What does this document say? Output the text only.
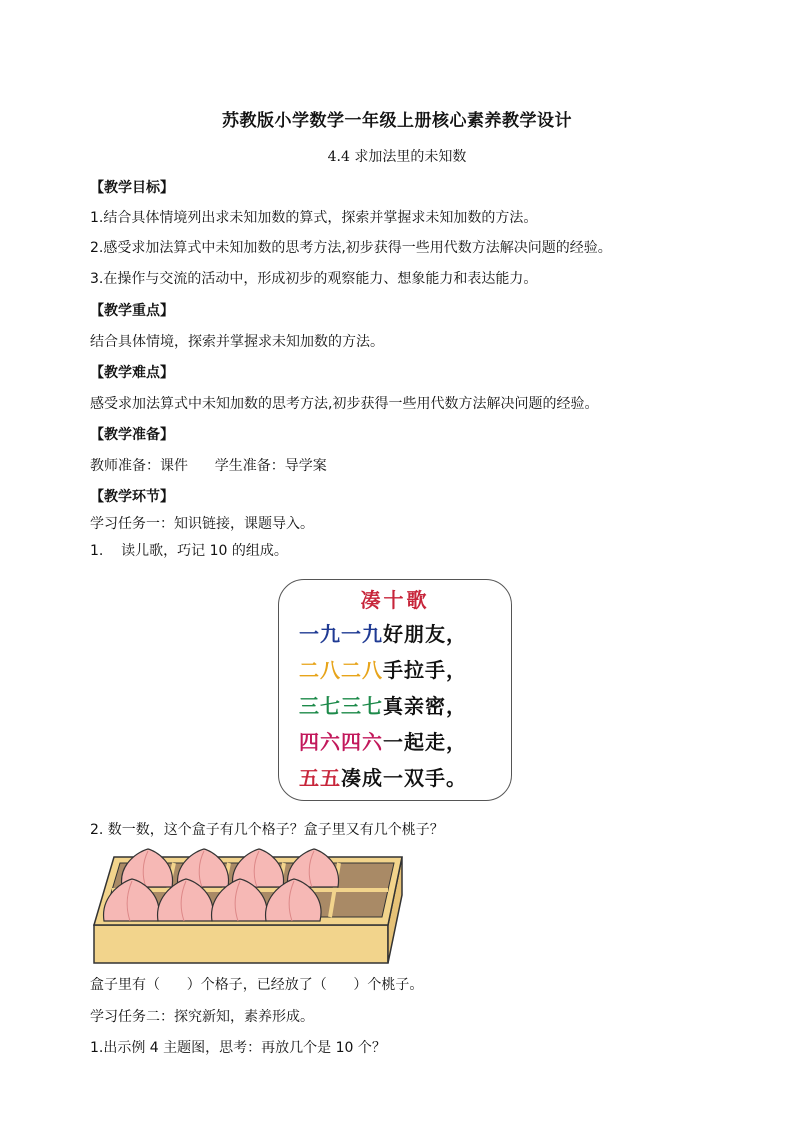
苏教版小学数学一年级上册核心素养教学设计
4.4 求加法里的未知数
【教学目标】
1.结合具体情境列出求未知加数的算式，探索并掌握求未知加数的方法。
2.感受求加法算式中未知加数的思考方法,初步获得一些用代数方法解决问题的经验。
3.在操作与交流的活动中，形成初步的观察能力、想象能力和表达能力。
【教学重点】
结合具体情境，探索并掌握求未知加数的方法。
【教学难点】
感受求加法算式中未知加数的思考方法,初步获得一些用代数方法解决问题的经验。
【教学准备】
教师准备：课件      学生准备：导学案
【教学环节】
学习任务一：知识链接，课题导入。
1.    读儿歌，巧记 10 的组成。
凑十歌
一九一九好朋友，
二八二八手拉手，
三七三七真亲密，
四六四六一起走，
五五凑成一双手。
2. 数一数，这个盒子有几个格子？盒子里又有几个桃子？
盒子里有（      ）个格子，已经放了（      ）个桃子。
学习任务二：探究新知，素养形成。
1.出示例 4 主题图，思考：再放几个是 10 个？
